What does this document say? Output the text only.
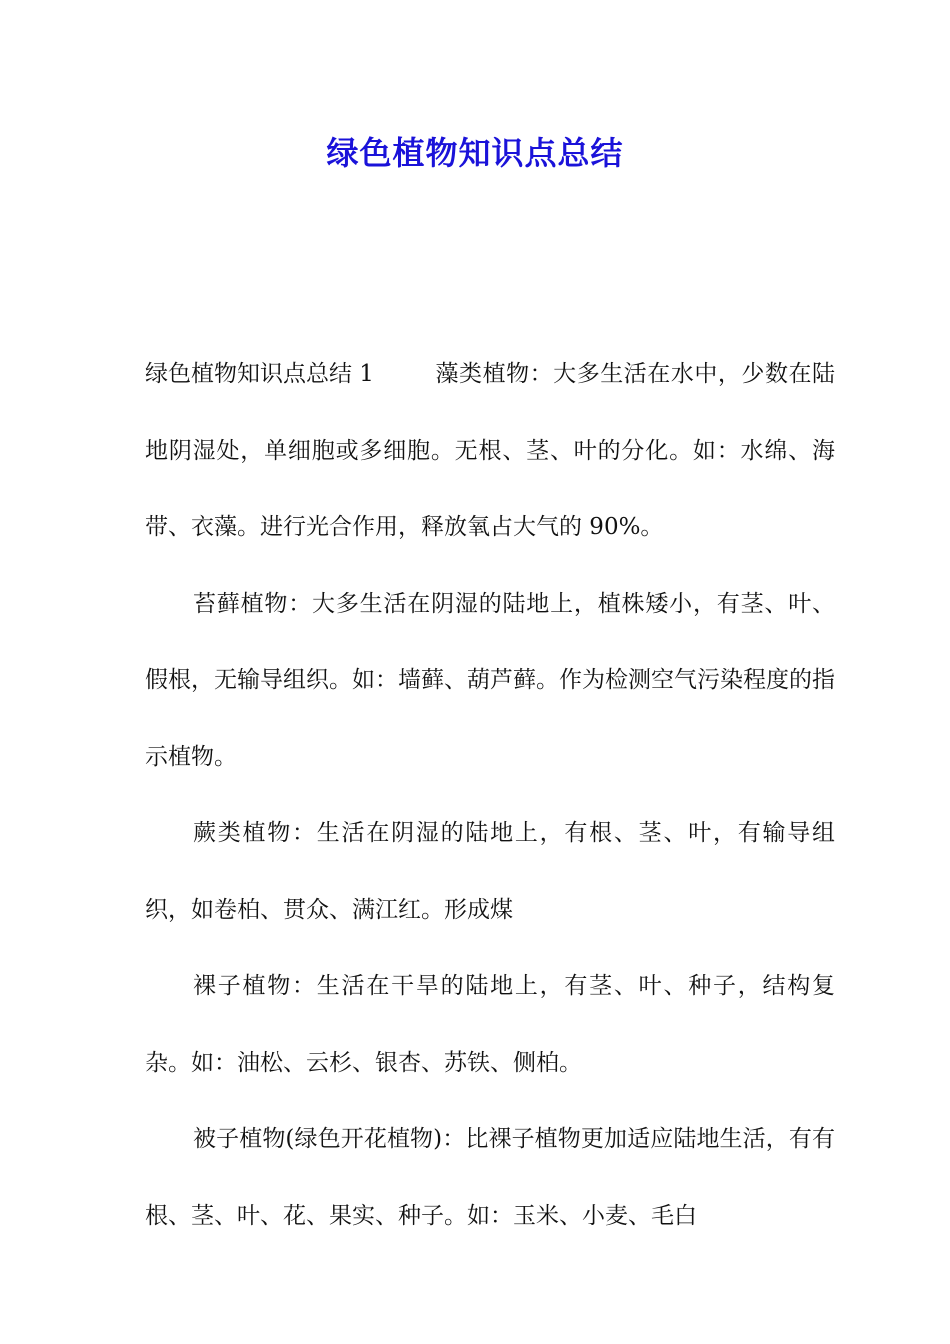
绿色植物知识点总结

绿色植物知识点总结 1	藻类植物：大多生活在水中，少数在陆地阴湿处，单细胞或多细胞。无根、茎、叶的分化。如：水绵、海带、衣藻。进行光合作用，释放氧占大气的 90%。

苔藓植物：大多生活在阴湿的陆地上，植株矮小，有茎、叶、假根，无输导组织。如：墙藓、葫芦藓。作为检测空气污染程度的指示植物。

蕨类植物：生活在阴湿的陆地上，有根、茎、叶，有输导组织，如卷柏、贯众、满江红。形成煤

裸子植物：生活在干旱的陆地上，有茎、叶、种子，结构复杂。如：油松、云杉、银杏、苏铁、侧柏。

被子植物(绿色开花植物)：比裸子植物更加适应陆地生活，有有根、茎、叶、花、果实、种子。如：玉米、小麦、毛白
